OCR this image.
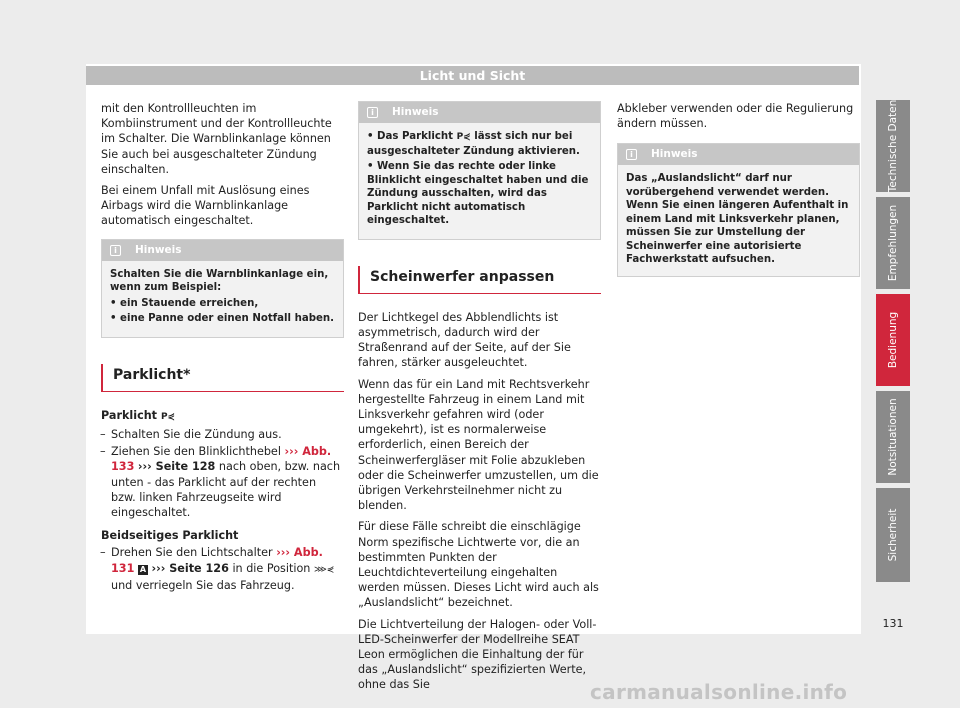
Licht und Sicht

mit den Kontrollleuchten im Kombiinstrument und der Kontrollleuchte im Schalter. Die Warnblinkanlage können Sie auch bei ausgeschalteter Zündung einschalten.

Bei einem Unfall mit Auslösung eines Airbags wird die Warnblinkanlage automatisch eingeschaltet.

i	Hinweis
Schalten Sie die Warnblinkanlage ein, wenn zum Beispiel:
• ein Stauende erreichen,
• eine Panne oder einen Notfall haben.
Parklicht*
Parklicht P⋞
– Schalten Sie die Zündung aus.
– Ziehen Sie den Blinklichthebel ››› Abb. 133 ››› Seite 128 nach oben, bzw. nach unten - das Parklicht auf der rechten bzw. linken Fahrzeugseite wird eingeschaltet.
Beidseitiges Parklicht
– Drehen Sie den Lichtschalter ››› Abb. 131 A ››› Seite 126 in die Position ⋙⋞ und verriegeln Sie das Fahrzeug.
i	Hinweis
• Das Parklicht P⋞ lässt sich nur bei ausgeschalteter Zündung aktivieren.
• Wenn Sie das rechte oder linke Blinklicht eingeschaltet haben und die Zündung ausschalten, wird das Parklicht nicht automatisch eingeschaltet.
Scheinwerfer anpassen

Der Lichtkegel des Abblendlichts ist asymmetrisch, dadurch wird der Straßenrand auf der Seite, auf der Sie fahren, stärker ausgeleuchtet.

Wenn das für ein Land mit Rechtsverkehr hergestellte Fahrzeug in einem Land mit Linksverkehr gefahren wird (oder umgekehrt), ist es normalerweise erforderlich, einen Bereich der Scheinwerfergläser mit Folie abzukleben oder die Scheinwerfer umzustellen, um die übrigen Verkehrsteilnehmer nicht zu blenden.

Für diese Fälle schreibt die einschlägige Norm spezifische Lichtwerte vor, die an bestimmten Punkten der Leuchtdichteverteilung eingehalten werden müssen. Dieses Licht wird auch als „Auslandslicht“ bezeichnet.

Die Lichtverteilung der Halogen- oder Voll-LED-Scheinwerfer der Modellreihe SEAT Leon ermöglichen die Einhaltung der für das „Auslandslicht“ spezifizierten Werte, ohne das Sie

Abkleber verwenden oder die Regulierung ändern müssen.

i	Hinweis
Das „Auslandslicht“ darf nur vorübergehend verwendet werden. Wenn Sie einen längeren Aufenthalt in einem Land mit Linksverkehr planen, müssen Sie zur Umstellung der Scheinwerfer eine autorisierte Fachwerkstatt aufsuchen.
Technische Daten
Empfehlungen
Bedienung
Notsituationen
Sicherheit
131
carmanualsonline.info
